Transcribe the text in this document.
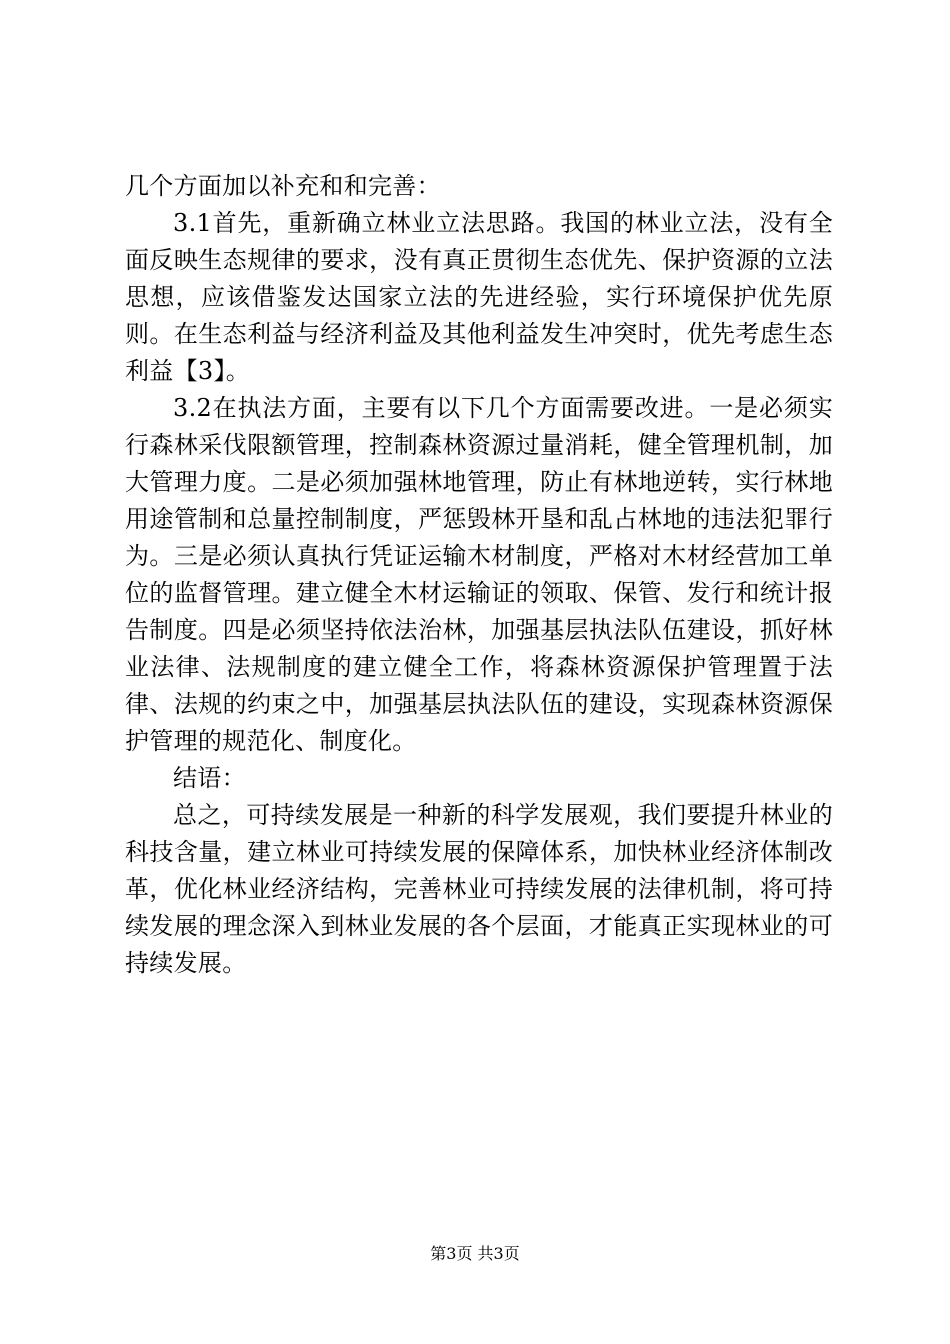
几个方面加以补充和和完善：

3.1首先，重新确立林业立法思路。我国的林业立法，没有全面反映生态规律的要求，没有真正贯彻生态优先、保护资源的立法思想，应该借鉴发达国家立法的先进经验，实行环境保护优先原则。在生态利益与经济利益及其他利益发生冲突时，优先考虑生态利益【3】。

3.2在执法方面，主要有以下几个方面需要改进。一是必须实行森林采伐限额管理，控制森林资源过量消耗，健全管理机制，加大管理力度。二是必须加强林地管理，防止有林地逆转，实行林地用途管制和总量控制制度，严惩毁林开垦和乱占林地的违法犯罪行为。三是必须认真执行凭证运输木材制度，严格对木材经营加工单位的监督管理。建立健全木材运输证的领取、保管、发行和统计报告制度。四是必须坚持依法治林，加强基层执法队伍建设，抓好林业法律、法规制度的建立健全工作，将森林资源保护管理置于法律、法规的约束之中，加强基层执法队伍的建设，实现森林资源保护管理的规范化、制度化。

结语：

总之，可持续发展是一种新的科学发展观，我们要提升林业的科技含量，建立林业可持续发展的保障体系，加快林业经济体制改革，优化林业经济结构，完善林业可持续发展的法律机制，将可持续发展的理念深入到林业发展的各个层面，才能真正实现林业的可持续发展。

第3页 共3页
